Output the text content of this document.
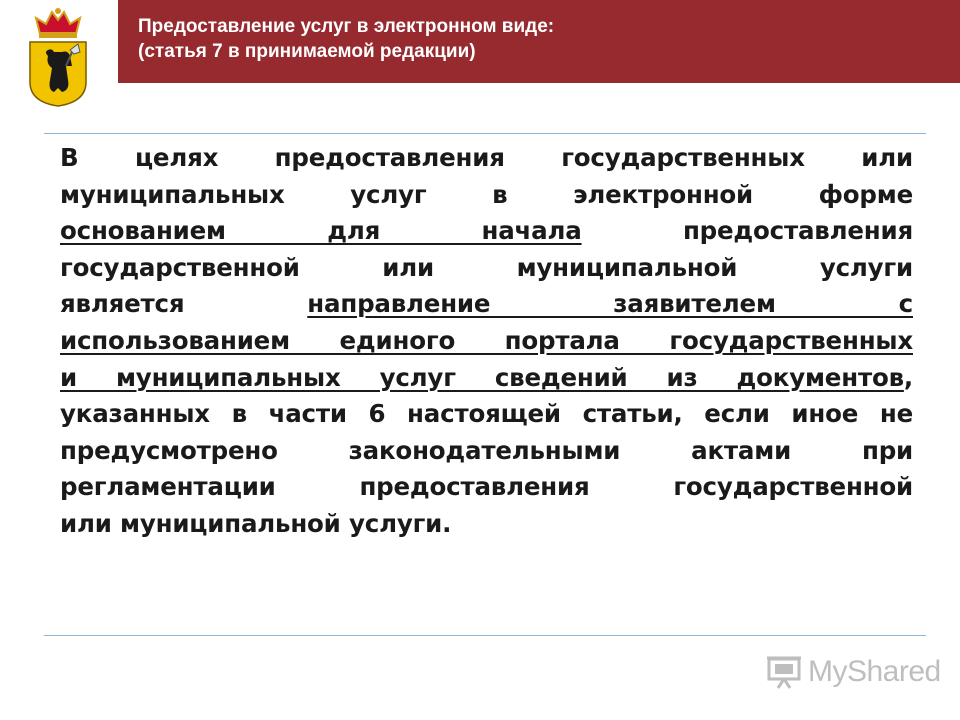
Предоставление услуг в электронном виде:
(статья 7 в принимаемой редакции)
В целях предоставления государственных или
муниципальных услуг в электронной форме
основанием для начала предоставления
государственной или муниципальной услуги
является направление заявителем с
использованием единого портала государственных
и муниципальных услуг сведений из документов,
указанных в части 6 настоящей статьи, если иное не
предусмотрено законодательными актами при
регламентации предоставления государственной
или муниципальной услуги.
MyShared
